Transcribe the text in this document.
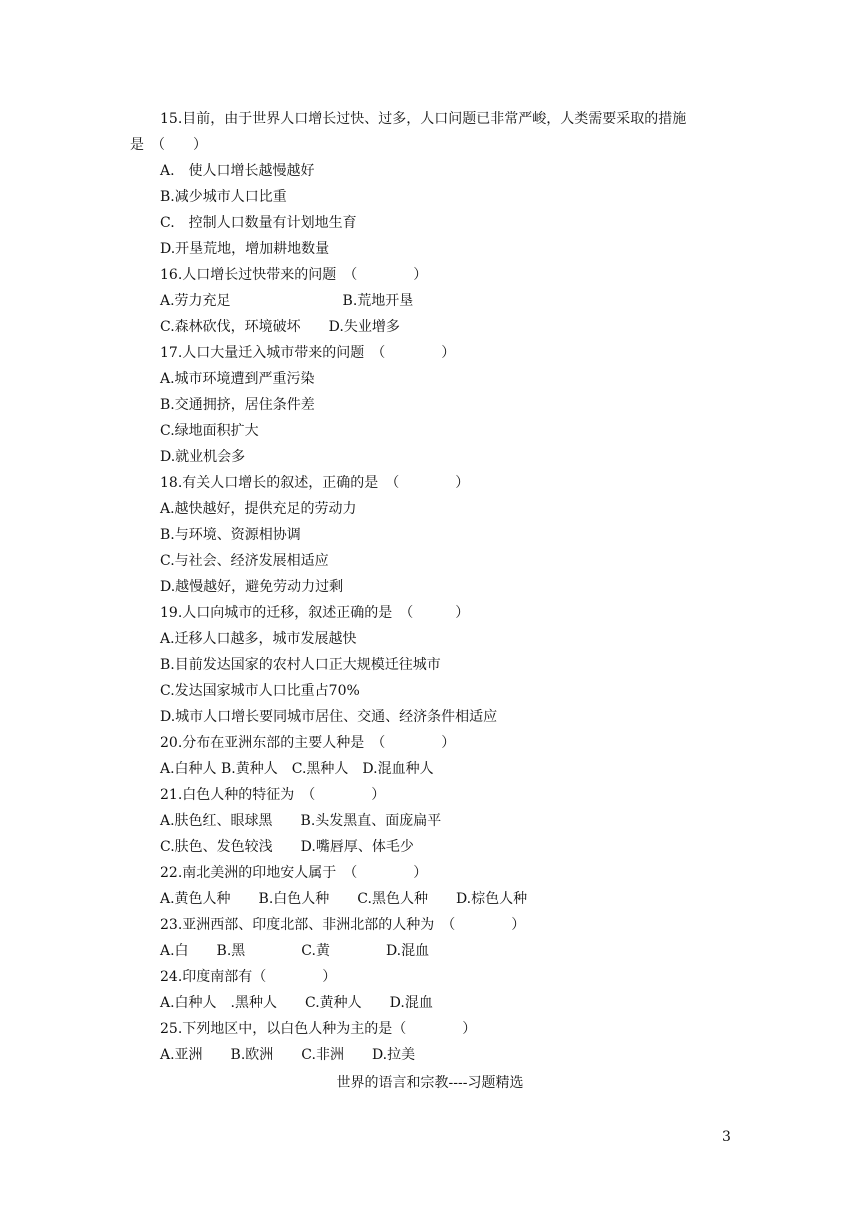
15.目前，由于世界人口增长过快、过多，人口问题已非常严峻，人类需要采取的措施
是　（　　）
A.　使人口增长越慢越好
B.减少城市人口比重
C.　控制人口数量有计划地生育
D.开垦荒地，增加耕地数量
16.人口增长过快带来的问题　（　　　　）
A.劳力充足　　　　　　　　B.荒地开垦
C.森林砍伐，环境破坏　　D.失业增多
17.人口大量迁入城市带来的问题　（　　　　）
A.城市环境遭到严重污染
B.交通拥挤，居住条件差
C.绿地面积扩大
D.就业机会多
18.有关人口增长的叙述，正确的是　（　　　　）
A.越快越好，提供充足的劳动力
B.与环境、资源相协调
C.与社会、经济发展相适应
D.越慢越好，避免劳动力过剩
19.人口向城市的迁移，叙述正确的是　（　　　）
A.迁移人口越多，城市发展越快
B.目前发达国家的农村人口正大规模迁往城市
C.发达国家城市人口比重占70%
D.城市人口增长要同城市居住、交通、经济条件相适应
20.分布在亚洲东部的主要人种是　（　　　　）
A.白种人 B.黄种人　C.黑种人　D.混血种人
21.白色人种的特征为　（　　　　）
A.肤色红、眼球黑　　B.头发黑直、面庞扁平
C.肤色、发色较浅　　D.嘴唇厚、体毛少
22.南北美洲的印地安人属于　（　　　　）
A.黄色人种　　B.白色人种　　C.黑色人种　　D.棕色人种
23.亚洲西部、印度北部、非洲北部的人种为　（　　　　）
A.白　　B.黑　　　　C.黄　　　　D.混血
24.印度南部有（　　　　）
A.白种人　.黑种人　　C.黄种人　　D.混血
25.下列地区中，以白色人种为主的是（　　　　）
A.亚洲　　B.欧洲　　C.非洲　　D.拉美
世界的语言和宗教----习题精选
3
